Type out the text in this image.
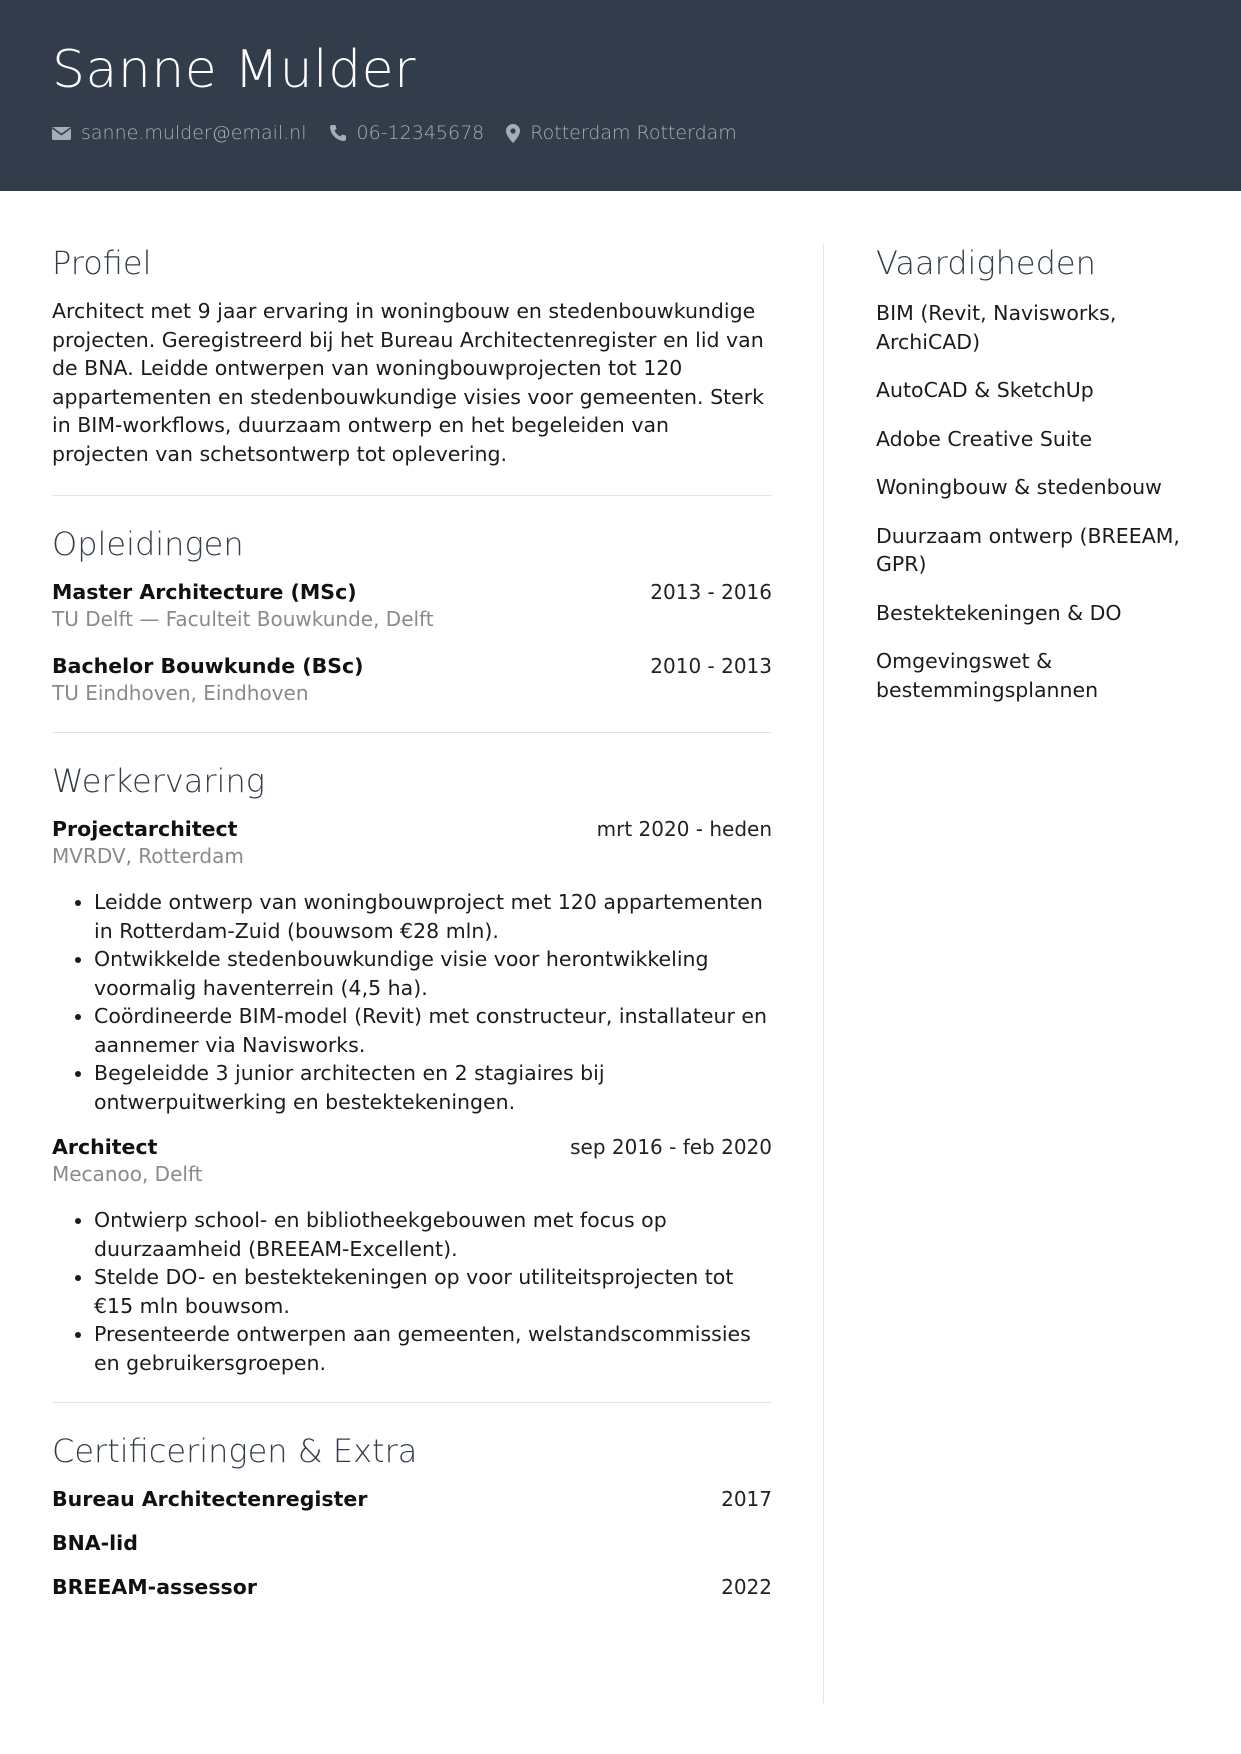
Sanne Mulder
sanne.mulder@email.nl	06-12345678 Rotterdam Rotterdam
Profiel
Architect met 9 jaar ervaring in woningbouw en stedenbouwkundige projecten. Geregistreerd bij het Bureau Architectenregister en lid van de BNA. Leidde ontwerpen van woningbouwprojecten tot 120 appartementen en stedenbouwkundige visies voor gemeenten. Sterk in BIM-workflows, duurzaam ontwerp en het begeleiden van projecten van schetsontwerp tot oplevering.
Opleidingen
Master Architecture (MSc)	2013 - 2016
TU Delft — Faculteit Bouwkunde, Delft
Bachelor Bouwkunde (BSc)	2010 - 2013
TU Eindhoven, Eindhoven
Werkervaring
Projectarchitect	mrt 2020 - heden
MVRDV, Rotterdam
• Leidde ontwerp van woningbouwproject met 120 appartementen in Rotterdam-Zuid (bouwsom €28 mln).
• Ontwikkelde stedenbouwkundige visie voor herontwikkeling voormalig haventerrein (4,5 ha).
• Coördineerde BIM-model (Revit) met constructeur, installateur en aannemer via Navisworks.
• Begeleidde 3 junior architecten en 2 stagiaires bij ontwerpuitwerking en bestektekeningen.
Architect	sep 2016 - feb 2020
Mecanoo, Delft
• Ontwierp school- en bibliotheekgebouwen met focus op duurzaamheid (BREEAM-Excellent).
• Stelde DO- en bestektekeningen op voor utiliteitsprojecten tot €15 mln bouwsom.
• Presenteerde ontwerpen aan gemeenten, welstandscommissies en gebruikersgroepen.
Certificeringen & Extra
Bureau Architectenregister	2017
BNA-lid
BREEAM-assessor	2022
Vaardigheden
BIM (Revit, Navisworks, ArchiCAD)
AutoCAD & SketchUp
Adobe Creative Suite
Woningbouw & stedenbouw
Duurzaam ontwerp (BREEAM, GPR)
Bestektekeningen & DO
Omgevingswet & bestemmingsplannen
